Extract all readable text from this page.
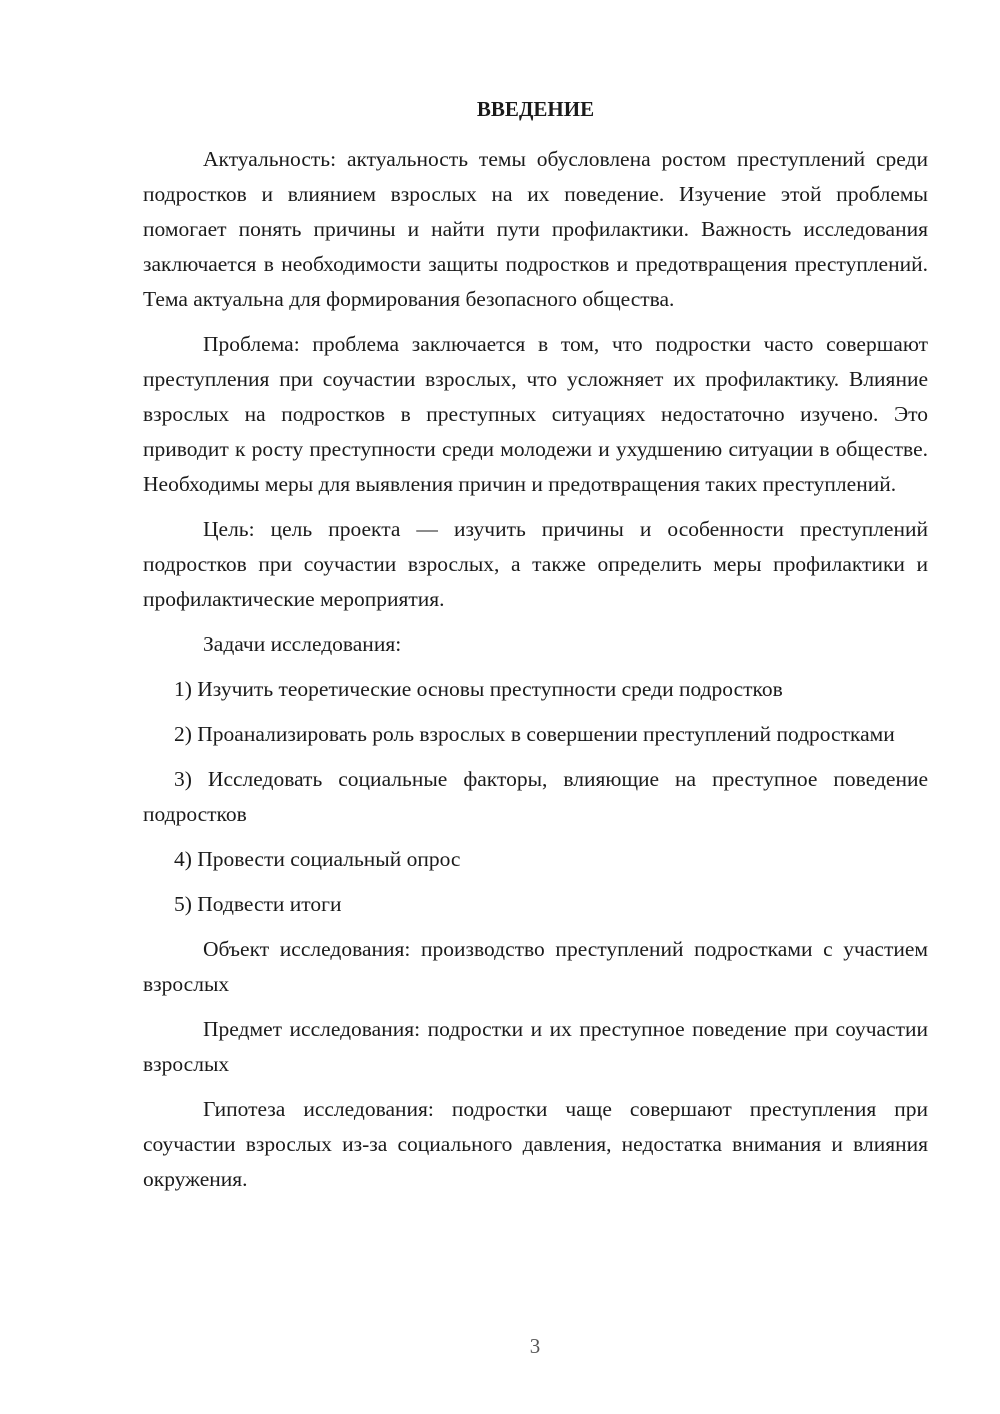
ВВЕДЕНИЕ

Актуальность: актуальность темы обусловлена ростом преступлений среди подростков и влиянием взрослых на их поведение. Изучение этой проблемы помогает понять причины и найти пути профилактики. Важность исследования заключается в необходимости защиты подростков и предотвращения преступлений. Тема актуальна для формирования безопасного общества.

Проблема: проблема заключается в том, что подростки часто совершают преступления при соучастии взрослых, что усложняет их профилактику. Влияние взрослых на подростков в преступных ситуациях недостаточно изучено. Это приводит к росту преступности среди молодежи и ухудшению ситуации в обществе. Необходимы меры для выявления причин и предотвращения таких преступлений.

Цель: цель проекта — изучить причины и особенности преступлений подростков при соучастии взрослых, а также определить меры профилактики и профилактические мероприятия.

Задачи исследования:

1) Изучить теоретические основы преступности среди подростков

2) Проанализировать роль взрослых в совершении преступлений подростками

3) Исследовать социальные факторы, влияющие на преступное поведение подростков

4) Провести социальный опрос

5) Подвести итоги

Объект исследования: производство преступлений подростками с участием взрослых

Предмет исследования: подростки и их преступное поведение при соучастии взрослых

Гипотеза исследования: подростки чаще совершают преступления при соучастии взрослых из-за социального давления, недостатка внимания и влияния окружения.

3
